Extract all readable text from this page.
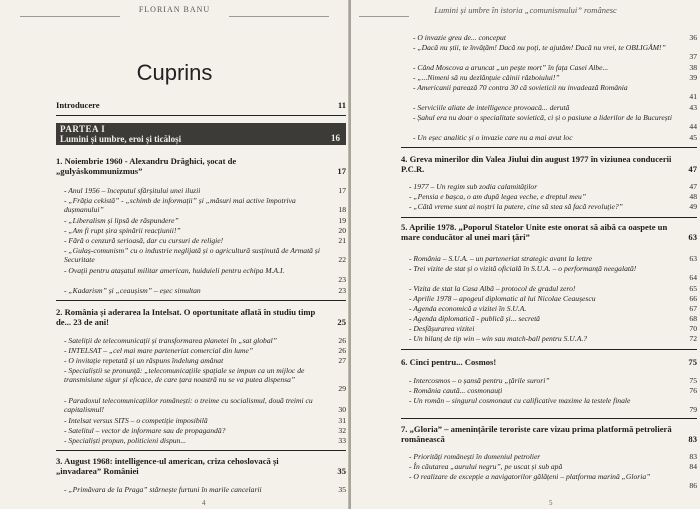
FLORIAN BANU
Cuprins
Introducere	11
PARTEA I
Lumini și umbre, eroi și ticăloși	16
1. Noiembrie 1960 - Alexandru Drăghici, șocat de „gulyáskommunizmus”	17
- Anul 1956 – începutul sfârșitului unei iluzii	17
- „Frăția cekistă” - „schimb de informații” și „măsuri mai active împotriva dușmanului”	18
- „Liberalism și lipsă de răspundere”	19
- „Am fi rupt șira spinării reacțiunii!”	20
- Fără o cenzură serioasă, dar cu cursuri de religie!	21
- „Gulaș-comunism” cu o industrie neglijată și o agricultură susținută de Armată și Securitate	22
- Ovații pentru atașatul militar american, huiduieli pentru echipa M.A.I.
23
- „Kadarism” și „ceaușism” – eșec simultan	23
2. România și aderarea la Intelsat. O oportunitate aflată în studiu timp de... 23 de ani!	25
- Sateliții de telecomunicații și transformarea planetei în „sat global”	26
- INTELSAT – „cel mai mare parteneriat comercial din lume”	26
- O invitație repetată și un răspuns îndelung amânat	27
- Specialiștii se pronunță: „telecomunicațiile spațiale se impun ca un mijloc de transmisiune sigur și eficace, de care țara noastră nu se va putea dispensa”
29
- Paradoxul telecomunicațiilor românești: o treime cu socialismul, două treimi cu capitalismul!	30
- Intelsat versus SITS – o competiție imposibilă	31
- Satelitul – vector de informare sau de propagandă?	32
- Specialiști propun, politicieni dispun...	33
3. August 1968: intelligence-ul american, criza cehoslovacă și „invadarea” României	35
- „Primăvara de la Praga” stârnește furtuni în marile cancelarii	35
4
Lumini și umbre în istoria „comunismului” românesc
- O invazie greu de... conceput	36
- „Dacă nu știi, te învățăm! Dacă nu poți, te ajutăm! Dacă nu vrei, te OBLIGĂM!”
37
- Când Moscova a aruncat „un pește mort” în fața Casei Albe...	38
- „...Nimeni să nu dezlănțuie câinii războiului!”	39
- Americanii parează 70 contra 30 că sovieticii nu invadează România
41
- Serviciile aliate de intelligence provoacă... derută	43
- Șahul era nu doar o specialitate sovietică, ci și o pasiune a liderilor de la București
44
- Un eșec analitic și o invazie care nu a mai avut loc	45
4. Greva minerilor din Valea Jiului din august 1977 în viziunea conducerii P.C.R.	47
- 1977 – Un regim sub zodia calamităților	47
- „Pensia e bașca, o am după legea veche, e dreptul meu”	48
- „Câtă vreme sunt ai noștri la putere, cine să stea să facă revoluție?”	49
5. Aprilie 1978. „Poporul Statelor Unite este onorat să aibă ca oaspete un mare conducător al unei mari țări”	63
- România – S.U.A. – un parteneriat strategic avant la lettre	63
- Trei vizite de stat și o vizită oficială în S.U.A. – o performanță neegalată!
64
- Vizita de stat la Casa Albă – protocol de gradul zero!	65
- Aprilie 1978 – apogeul diplomatic al lui Nicolae Ceaușescu	66
- Agenda economică a vizitei în S.U.A.	67
- Agenda diplomatică - publică și... secretă	68
- Desfășurarea vizitei	70
- Un bilanț de tip win – win sau match-ball pentru S.U.A.?	72
6. Cinci pentru... Cosmos!	75
- Intercosmos – o șansă pentru „țările surori”	75
- România caută... cosmonauți	76
- Un român – singurul cosmonaut cu calificative maxime la testele finale
79
7. „Gloria” – amenințările teroriste care vizau prima platformă petrolieră românească	83
- Priorități românești în domeniul petrolier	83
- În căutarea „aurului negru”, pe uscat și sub apă	84
- O realizare de excepție a navigatorilor gălățeni – platforma marină „Gloria”
86
5
